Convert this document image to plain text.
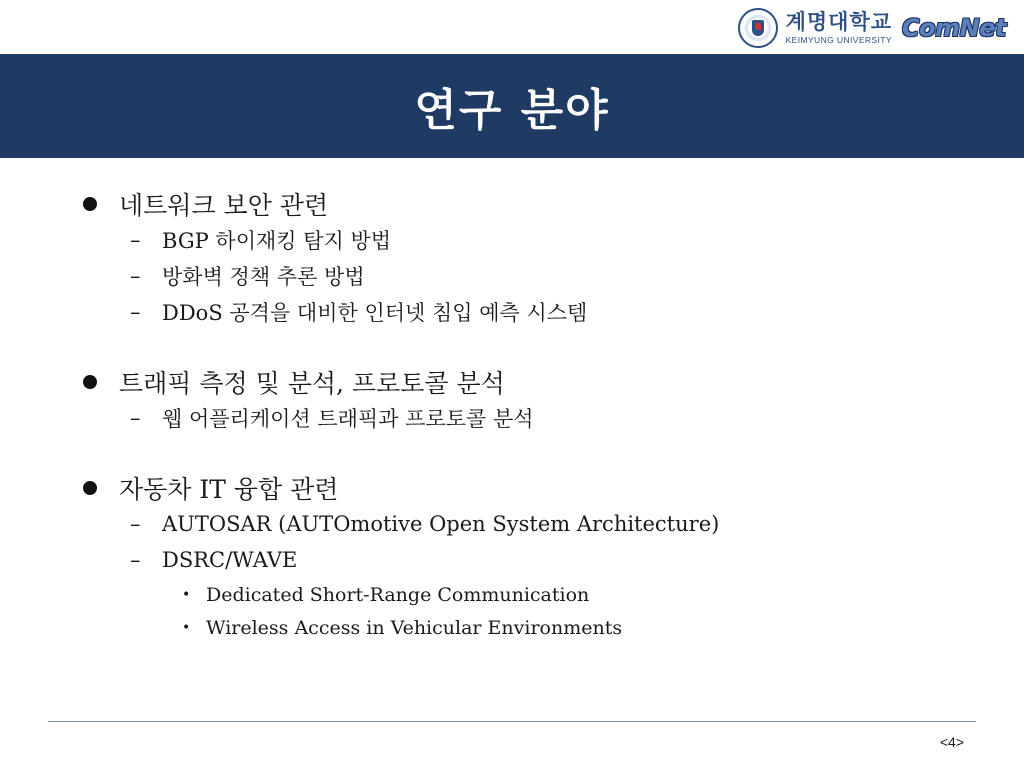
계명대학교
KEIMYUNG UNIVERSITY ComNet
연구 분야
네트워크 보안 관련
–	BGP 하이재킹 탐지 방법
–	방화벽 정책 추론 방법
–	DDoS 공격을 대비한 인터넷 침입 예측 시스템
트래픽 측정 및 분석, 프로토콜 분석
–	웹 어플리케이션 트래픽과 프로토콜 분석
자동차 IT 융합 관련
–	AUTOSAR (AUTOmotive Open System Architecture)
–	DSRC/WAVE
• Dedicated Short-Range Communication
• Wireless Access in Vehicular Environments
<4>
